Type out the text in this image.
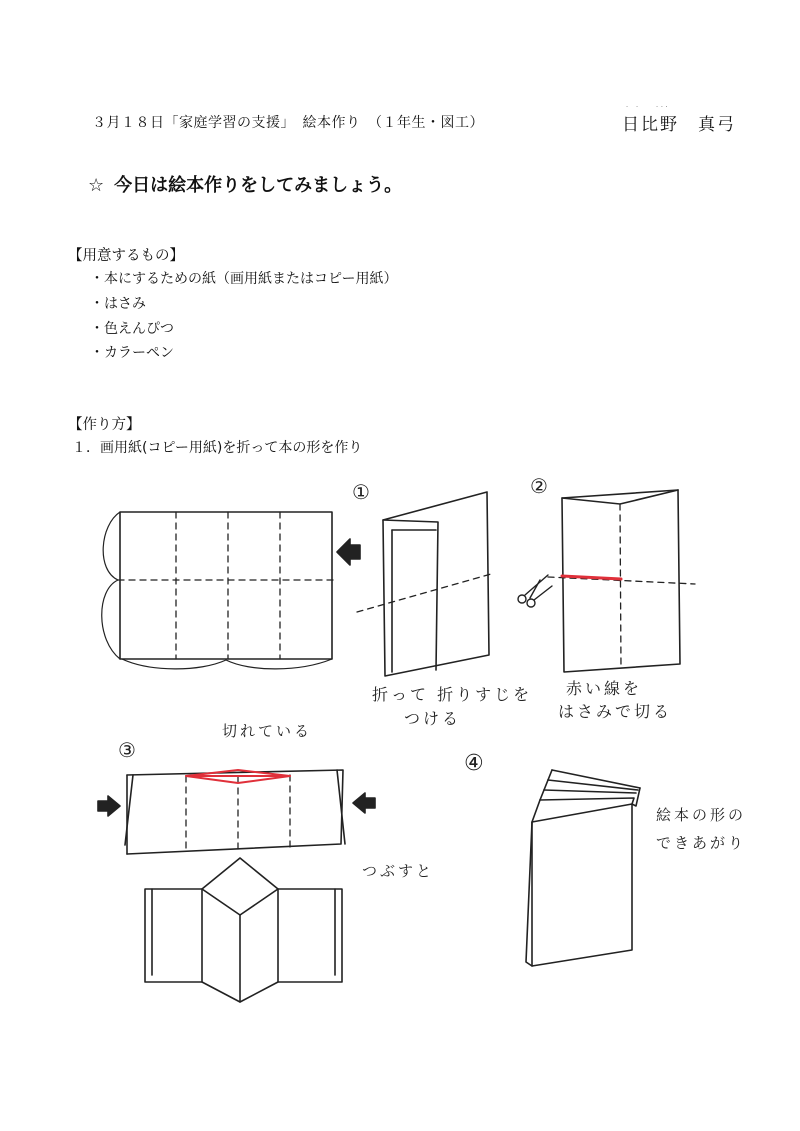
３月１８日「家庭学習の支援」　絵本作り　（１年生・図工）
ᐧ ᐧ　 ᐧᐧᐧ
日比野　真弓
☆ 今日は絵本作りをしてみましょう。
【用意するもの】
・本にするための紙（画用紙またはコピー用紙）
・はさみ
・色えんぴつ
・カラーペン
【作り方】
１．画用紙(コピー用紙)を折って本の形を作り
①	②
③
④
折って 折りすじを
つける
赤い線を
はさみで切る
切れている
つぶすと
絵本の形の
できあがり
